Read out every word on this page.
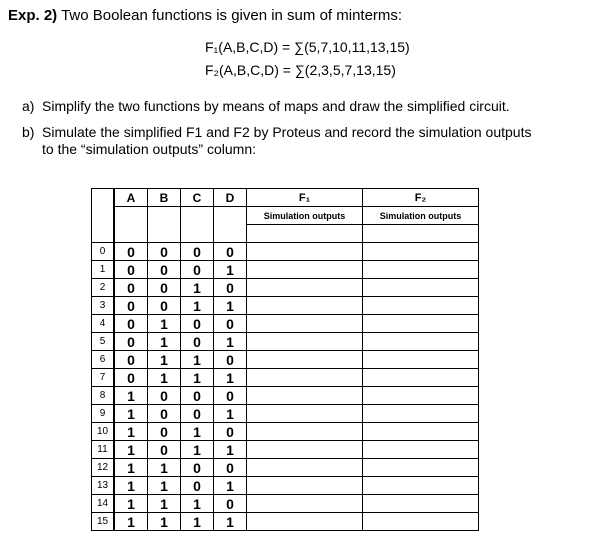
Exp. 2) Two Boolean functions is given in sum of minterms:
F₁(A,B,C,D) = ∑(5,7,10,11,13,15)
F₂(A,B,C,D) = ∑(2,3,5,7,13,15)
a) Simplify the two functions by means of maps and draw the simplified circuit.
b) Simulate the simplified F1 and F2 by Proteus and record the simulation outputs
to the “simulation outputs” column:
	A	B	C	D	F₁	F₂
					Simulation outputs	Simulation outputs

0	0	0	0	0		
1	0	0	0	1		
2	0	0	1	0		
3	0	0	1	1		
4	0	1	0	0		
5	0	1	0	1		
6	0	1	1	0		
7	0	1	1	1		
8	1	0	0	0		
9	1	0	0	1		
10	1	0	1	0		
11	1	0	1	1		
12	1	1	0	0		
13	1	1	0	1		
14	1	1	1	0		
15	1	1	1	1		
